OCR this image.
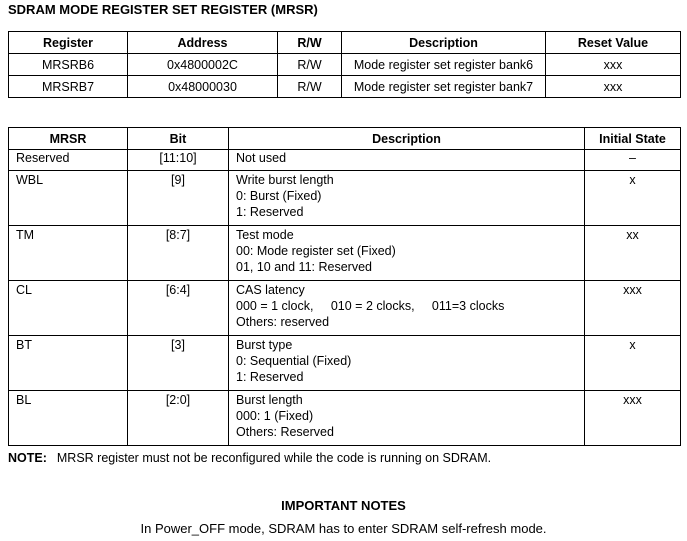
SDRAM MODE REGISTER SET REGISTER (MRSR)
Register	Address	R/W	Description	Reset Value
MRSRB6	0x4800002C	R/W	Mode register set register bank6	xxx
MRSRB7	0x48000030	R/W	Mode register set register bank7	xxx
MRSR	Bit	Description	Initial State
Reserved	[11:10]	Not used	–
WBL	[9]	Write burst length
0: Burst (Fixed)
1: Reserved	x
TM	[8:7]	Test mode
00: Mode register set (Fixed)
01, 10 and 11: Reserved	xx
CL	[6:4]	CAS latency
000 = 1 clock,     010 = 2 clocks,     011=3 clocks
Others: reserved	xxx
BT	[3]	Burst type
0: Sequential (Fixed)
1: Reserved	x
BL	[2:0]	Burst length
000: 1 (Fixed)
Others: Reserved	xxx
NOTE: MRSR register must not be reconfigured while the code is running on SDRAM.
IMPORTANT NOTES
In Power_OFF mode, SDRAM has to enter SDRAM self-refresh mode.
